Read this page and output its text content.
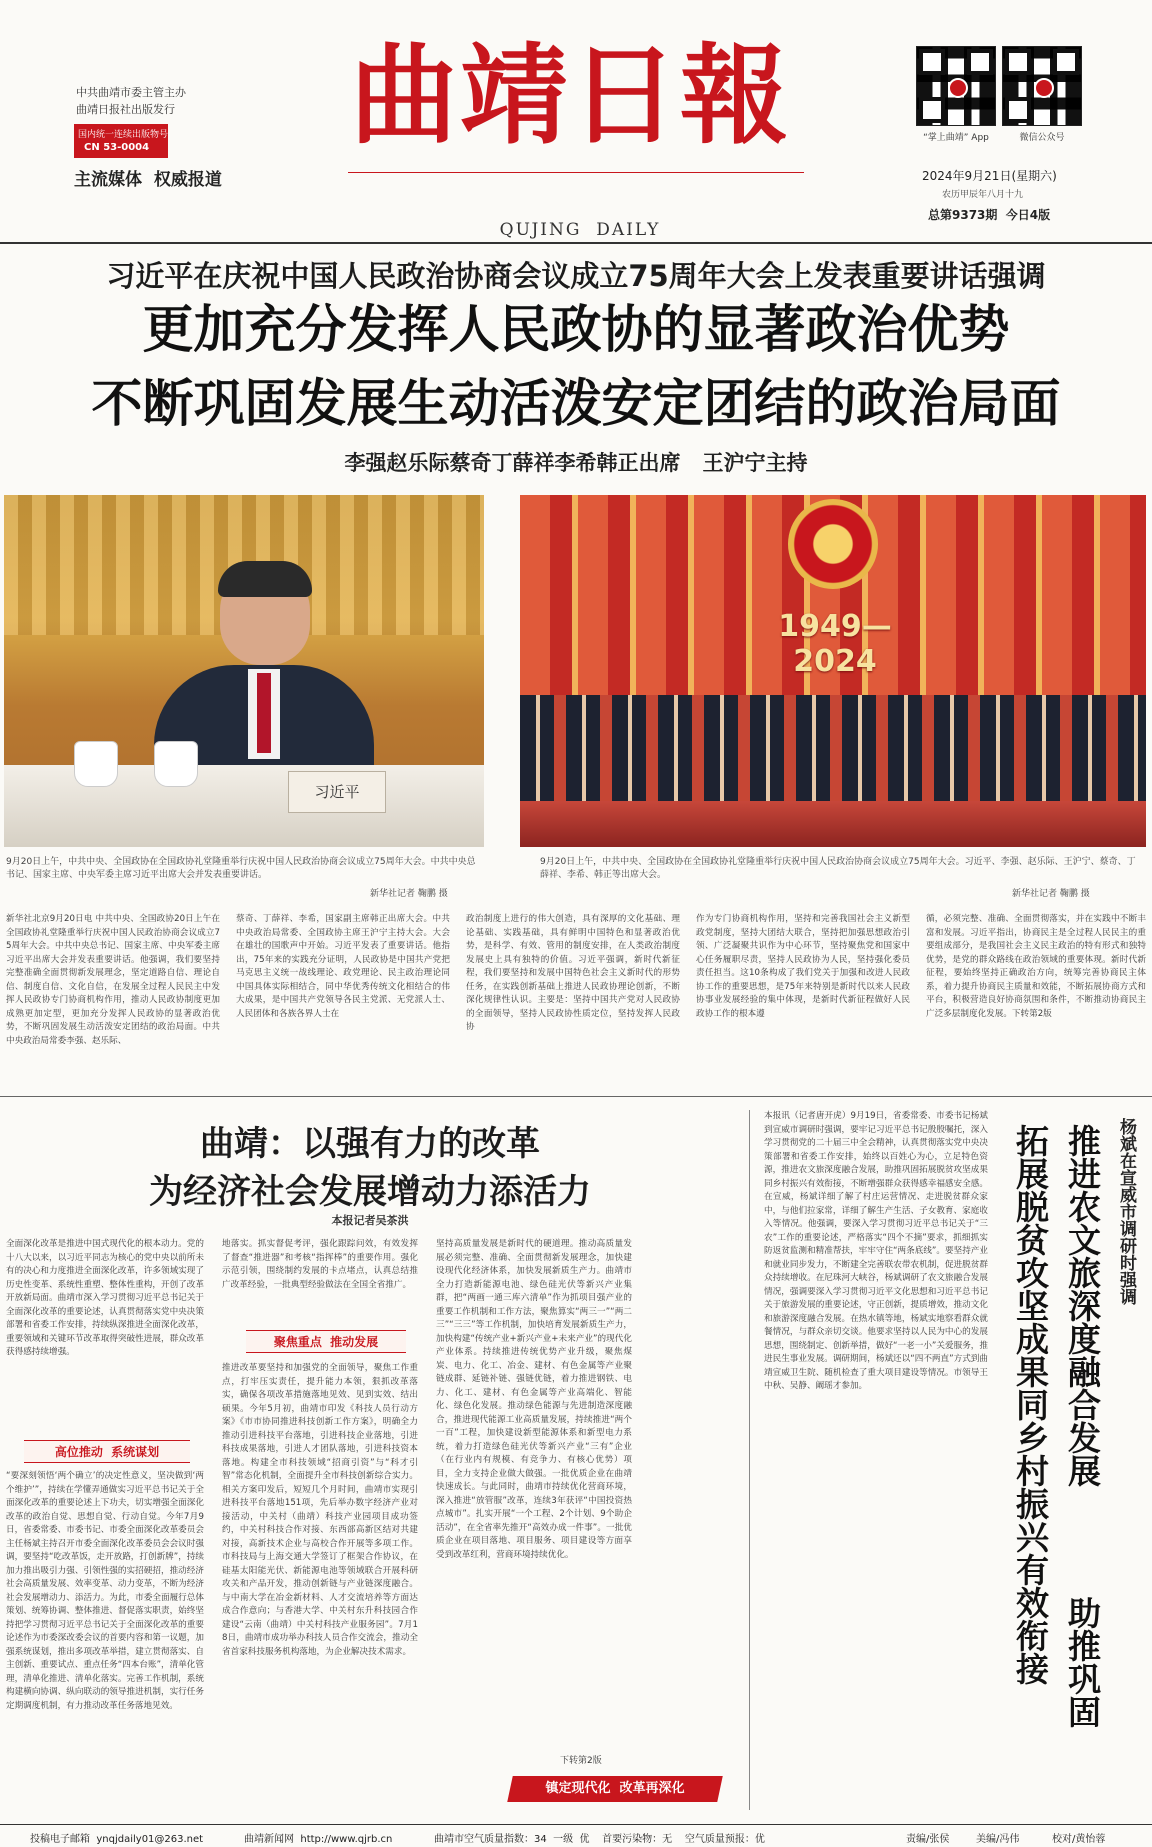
中共曲靖市委主管主办
曲靖日报社出版发行
国内统一连续出版物号
CN 53-0004
主流媒体  权威报道
曲靖日報
QUJING  DAILY
“掌上曲靖” App	微信公众号
2024年9月21日(星期六)
农历甲辰年八月十九
总第9373期  今日4版
习近平在庆祝中国人民政治协商会议成立75周年大会上发表重要讲话强调
更加充分发挥人民政协的显著政治优势
不断巩固发展生动活泼安定团结的政治局面
李强赵乐际蔡奇丁薛祥李希韩正出席   王沪宁主持
习近平
1949—2024
9月20日上午，中共中央、全国政协在全国政协礼堂隆重举行庆祝中国人民政治协商会议成立75周年大会。中共中央总书记、国家主席、中央军委主席习近平出席大会并发表重要讲话。
新华社记者 鞠鹏 摄
9月20日上午，中共中央、全国政协在全国政协礼堂隆重举行庆祝中国人民政治协商会议成立75周年大会。习近平、李强、赵乐际、王沪宁、蔡奇、丁薛祥、李希、韩正等出席大会。
新华社记者 鞠鹏 摄
新华社北京9月20日电 中共中央、全国政协20日上午在全国政协礼堂隆重举行庆祝中国人民政治协商会议成立75周年大会。中共中央总书记、国家主席、中央军委主席习近平出席大会并发表重要讲话。他强调，我们要坚持完整准确全面贯彻新发展理念，坚定道路自信、理论自信、制度自信、文化自信，在发展全过程人民民主中发挥人民政协专门协商机构作用，推动人民政协制度更加成熟更加定型，更加充分发挥人民政协的显著政治优势，不断巩固发展生动活泼安定团结的政治局面。中共中央政治局常委李强、赵乐际、
蔡奇、丁薛祥、李希，国家副主席韩正出席大会。中共中央政治局常委、全国政协主席王沪宁主持大会。大会在雄壮的国歌声中开始。习近平发表了重要讲话。他指出，75年来的实践充分证明，人民政协是中国共产党把马克思主义统一战线理论、政党理论、民主政治理论同中国具体实际相结合，同中华优秀传统文化相结合的伟大成果，是中国共产党领导各民主党派、无党派人士、人民团体和各族各界人士在
政治制度上进行的伟大创造，具有深厚的文化基础、理论基础、实践基础，具有鲜明中国特色和显著政治优势，是科学、有效、管用的制度安排，在人类政治制度发展史上具有独特的价值。习近平强调，新时代新征程，我们要坚持和发展中国特色社会主义新时代的形势任务，在实践创新基础上推进人民政协理论创新，不断深化规律性认识。主要是：坚持中国共产党对人民政协的全面领导，坚持人民政协性质定位，坚持发挥人民政协
作为专门协商机构作用，坚持和完善我国社会主义新型政党制度，坚持大团结大联合，坚持把加强思想政治引领、广泛凝聚共识作为中心环节，坚持聚焦党和国家中心任务履职尽责，坚持人民政协为人民，坚持强化委员责任担当。这10条构成了我们党关于加强和改进人民政协工作的重要思想，是75年来特别是新时代以来人民政协事业发展经验的集中体现，是新时代新征程做好人民政协工作的根本遵
循，必须完整、准确、全面贯彻落实，并在实践中不断丰富和发展。习近平指出，协商民主是全过程人民民主的重要组成部分，是我国社会主义民主政治的特有形式和独特优势，是党的群众路线在政治领域的重要体现。新时代新征程，要始终坚持正确政治方向，统筹完善协商民主体系，着力提升协商民主质量和效能，不断拓展协商方式和平台，积极营造良好协商氛围和条件，不断推动协商民主广泛多层制度化发展。下转第2版
曲靖：以强有力的改革
为经济社会发展增动力添活力
本报记者吴茶洪
全面深化改革是推进中国式现代化的根本动力。党的十八大以来，以习近平同志为核心的党中央以前所未有的决心和力度推进全面深化改革，许多领域实现了历史性变革、系统性重塑、整体性重构，开创了改革开放新局面。曲靖市深入学习贯彻习近平总书记关于全面深化改革的重要论述，认真贯彻落实党中央决策部署和省委工作安排，持续纵深推进全面深化改革，重要领域和关键环节改革取得突破性进展，群众改革获得感持续增强。
高位推动  系统谋划
“要深刻领悟‘两个确立’的决定性意义，坚决做到‘两个维护’”，持续在学懂弄通做实习近平总书记关于全面深化改革的重要论述上下功夫，切实增强全面深化改革的政治自觉、思想自觉、行动自觉。今年7月9日，省委常委、市委书记、市委全面深化改革委员会主任杨斌主持召开市委全面深化改革委员会会议时强调，要坚持“吃改革饭，走开放路，打创新牌”，持续加力推出吸引力强、引领性强的实招硬招，推动经济社会高质量发展、效率变革、动力变革，不断为经济社会发展增动力、添活力。为此，市委全面履行总体策划、统筹协调、整体推进、督促落实职责，始终坚持把学习贯彻习近平总书记关于全面深化改革的重要论述作为市委深改委会议的首要内容和第一议题，加强系统谋划，推出多项改革举措，建立贯彻落实、自主创新、重要试点、重点任务“四本台账”，清单化管理，清单化推进、清单化落实。完善工作机制，系统构建横向协调、纵向联动的领导推进机制，实行任务定期调度机制，有力推动改革任务落地见效。
地落实。抓实督促考评，强化跟踪问效，有效发挥了督查“推进器”和考核“指挥棒”的重要作用。强化示范引领，围绕制约发展的卡点堵点，认真总结推广改革经验，一批典型经验做法在全国全省推广。
聚焦重点  推动发展
推进改革要坚持和加强党的全面领导，聚焦工作重点，打牢压实责任，提升能力本领，狠抓改革落实，确保各项改革措施落地见效、见到实效、结出硕果。今年5月初，曲靖市印发《科技人员行动方案》《市市协同推进科技创新工作方案》，明确全力推动引进科技平台落地，引进科技企业落地，引进科技成果落地，引进人才团队落地，引进科技资本落地。构建全市科技领域“招商引资”与“科才引智”常态化机制，全面提升全市科技创新综合实力。相关方案印发后，短短几个月时间，曲靖市实现引进科技平台落地151项，先后举办数字经济产业对接活动，中关村（曲靖）科技产业园项目成功签约，中关村科技合作对接、东西部高新区结对共建对接，高新技术企业与高校合作开展等多项工作。市科技局与上海交通大学签订了框架合作协议，在硅基太阳能光伏、新能源电池等领域联合开展科研攻关和产品开发，推动创新链与产业链深度融合。与中南大学在冶金新材料、人才交流培养等方面达成合作意向；与香港大学、中关村东升科技园合作建设“云南（曲靖）中关村科技产业服务园”。7月18日，曲靖市成功举办科技人员合作交流会，推动全省首家科技服务机构落地，为企业解决技术需求。
坚持高质量发展是新时代的硬道理。推动高质量发展必须完整、准确、全面贯彻新发展理念，加快建设现代化经济体系，加快发展新质生产力。曲靖市全力打造新能源电池、绿色硅光伏等新兴产业集群，把“两画一通三库六清单”作为抓项目强产业的重要工作机制和工作方法，聚焦算实“两三一”“两二三”“三三”等工作机制，加快培育发展新质生产力，加快构建“传统产业+新兴产业+未来产业”的现代化产业体系。持续推进传统优势产业升级，聚焦煤炭、电力、化工、冶金、建材、有色金属等产业聚链成群、延链补链、强链优链，着力推进钢铁、电力、化工、建材、有色金属等产业高端化、智能化、绿色化发展。推动绿色能源与先进制造深度融合，推进现代能源工业高质量发展，持续推进“两个一百”工程，加快建设新型能源体系和新型电力系统，着力打造绿色硅光伏等新兴产业“三有”企业（在行业内有规模、有竞争力、有核心优势）项目，全力支持企业做大做强。一批优质企业在曲靖快速成长。与此同时，曲靖市持续优化营商环境，深入推进“放管服”改革，连续3年获评“中国投资热点城市”。扎实开展“一个工程、2个计划、9个助企活动”，在全省率先推开“高效办成一件事”。一批优质企业在项目落地、项目服务、项目建设等方面享受到改革红利，营商环境持续优化。
下转第2版
镇定现代化  改革再深化
本报讯（记者唐开虎）9月19日，省委常委、市委书记杨斌到宣威市调研时强调，要牢记习近平总书记殷殷嘱托，深入学习贯彻党的二十届三中全会精神，认真贯彻落实党中央决策部署和省委工作安排，始终以百姓心为心，立足特色资源，推进农文旅深度融合发展，助推巩固拓展脱贫攻坚成果同乡村振兴有效衔接，不断增强群众获得感幸福感安全感。在宣威，杨斌详细了解了村庄运营情况、走进脱贫群众家中，与他们拉家常，详细了解生产生活、子女教育、家庭收入等情况。他强调，要深入学习贯彻习近平总书记关于“三农”工作的重要论述，严格落实“四个不摘”要求，抓细抓实防返贫监测和精准帮扶，牢牢守住“两条底线”。要坚持产业和就业同步发力，不断建全完善联农带农机制，促进脱贫群众持续增收。在尼珠河大峡谷，杨斌调研了农文旅融合发展情况，强调要深入学习贯彻习近平文化思想和习近平总书记关于旅游发展的重要论述，守正创新，提质增效，推动文化和旅游深度融合发展。在热水镇等地，杨斌实地察看群众就餐情况，与群众亲切交谈。他要求坚持以人民为中心的发展思想，围绕制定、创新举措，做好“一老一小”关爱服务，推进民生事业发展。调研期间，杨斌还以“四不两直”方式到曲靖宣威卫生院、随机检查了重大项目建设等情况。市领导王中秋、吴静、阚瑶才参加。	推进农文旅深度融合发展
拓展脱贫攻坚成果同乡村振兴有效衔接 助推巩固
杨斌在宣威市调研时强调
投稿电子邮箱  ynqjdaily01@263.net	曲靖新闻网  http://www.qjrb.cn	曲靖市空气质量指数：34  一级  优    首要污染物：无    空气质量预报：优	责编/张侯	美编/冯伟	校对/黄怡蓉
